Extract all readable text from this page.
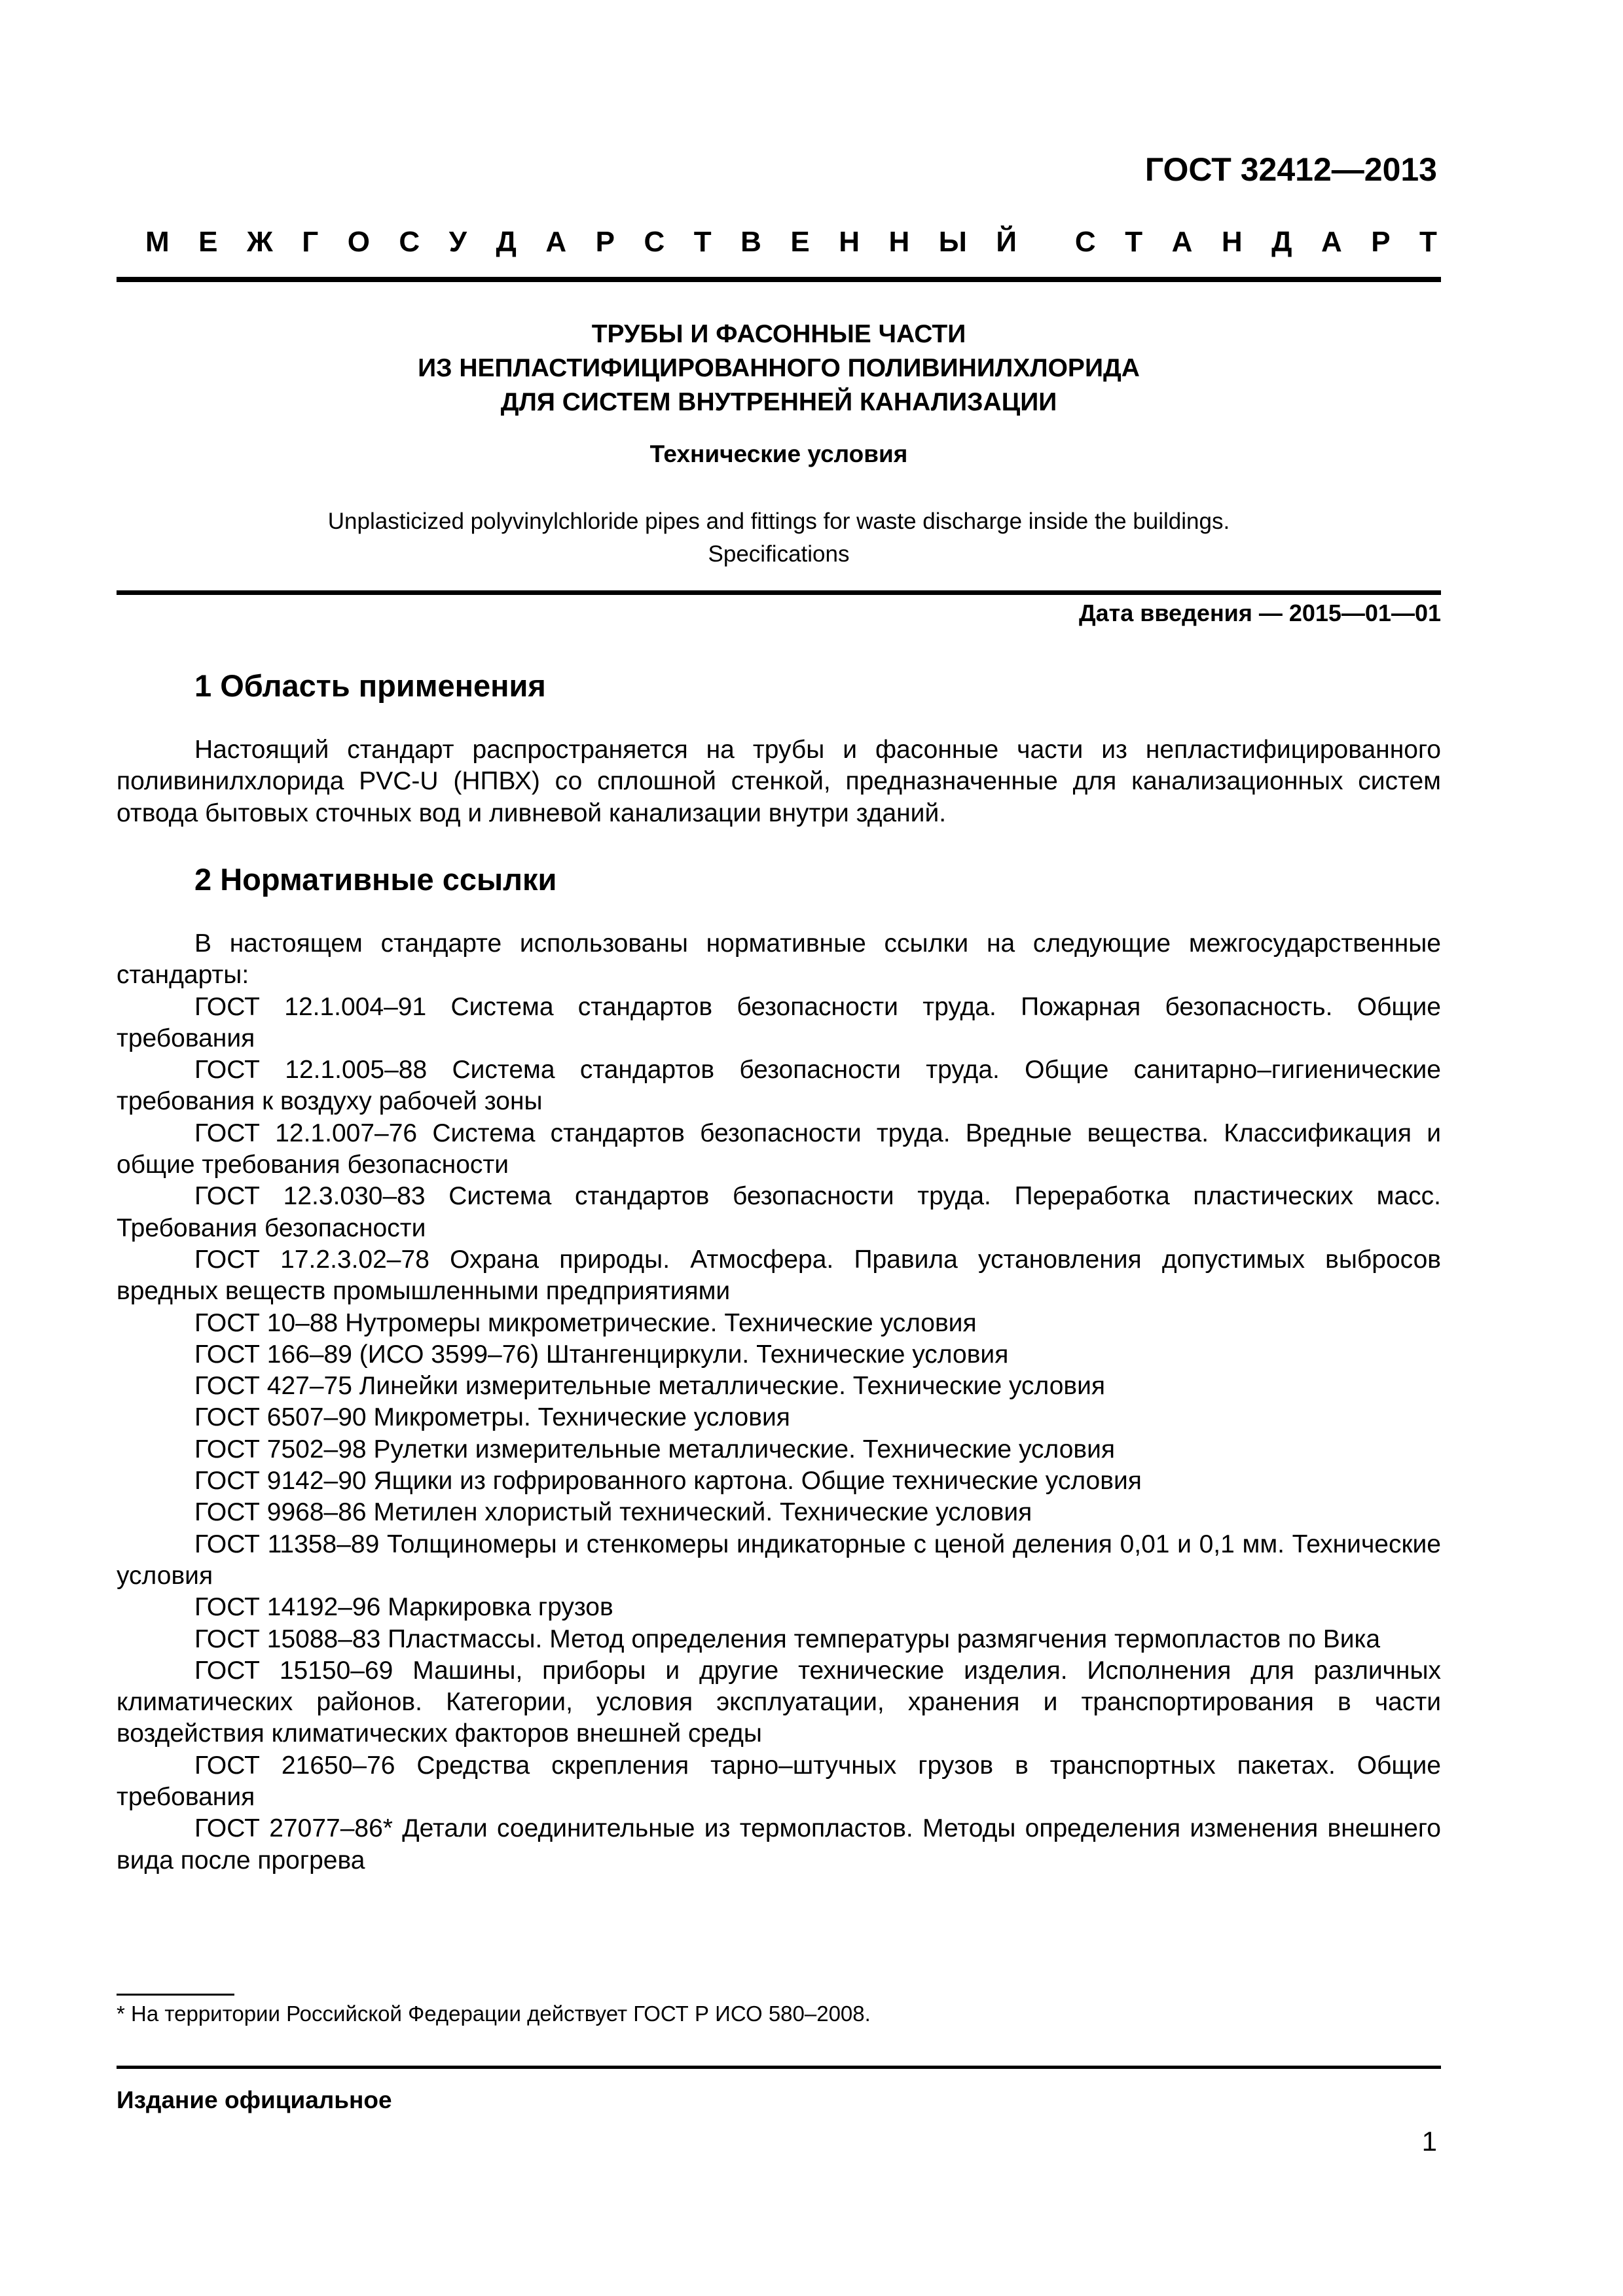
ГОСТ 32412—2013
М Е Ж Г О С У Д А Р С Т В Е Н Н Ы Й С Т А Н Д А Р Т
ТРУБЫ И ФАСОННЫЕ ЧАСТИ
ИЗ НЕПЛАСТИФИЦИРОВАННОГО ПОЛИВИНИЛХЛОРИДА
ДЛЯ СИСТЕМ ВНУТРЕННЕЙ КАНАЛИЗАЦИИ
Технические условия
Unplasticized polyvinylchloride pipes and fittings for waste discharge inside the buildings.
Specifications
Дата введения — 2015—01—01
1 Область применения

Настоящий стандарт распространяется на трубы и фасонные части из непластифицированного поливинилхлорида PVC-U (НПВХ) со сплошной стенкой, предназначенные для канализационных систем отвода бытовых сточных вод и ливневой канализации внутри зданий.

2 Нормативные ссылки

В настоящем стандарте использованы нормативные ссылки на следующие межгосударственные стандарты:

ГОСТ 12.1.004–91 Система стандартов безопасности труда. Пожарная безопасность. Общие требования

ГОСТ 12.1.005–88 Система стандартов безопасности труда. Общие санитарно–гигиенические требования к воздуху рабочей зоны

ГОСТ 12.1.007–76 Система стандартов безопасности труда. Вредные вещества. Классификация и общие требования безопасности

ГОСТ 12.3.030–83 Система стандартов безопасности труда. Переработка пластических масс. Требования безопасности

ГОСТ 17.2.3.02–78 Охрана природы. Атмосфера. Правила установления допустимых выбросов вредных веществ промышленными предприятиями

ГОСТ 10–88 Нутромеры микрометрические. Технические условия

ГОСТ 166–89 (ИСО 3599–76) Штангенциркули. Технические условия

ГОСТ 427–75 Линейки измерительные металлические. Технические условия

ГОСТ 6507–90 Микрометры. Технические условия

ГОСТ 7502–98 Рулетки измерительные металлические. Технические условия

ГОСТ 9142–90 Ящики из гофрированного картона. Общие технические условия

ГОСТ 9968–86 Метилен хлористый технический. Технические условия

ГОСТ 11358–89 Толщиномеры и стенкомеры индикаторные с ценой деления 0,01 и 0,1 мм. Технические условия

ГОСТ 14192–96 Маркировка грузов

ГОСТ 15088–83 Пластмассы. Метод определения температуры размягчения термопластов по Вика

ГОСТ 15150–69 Машины, приборы и другие технические изделия. Исполнения для различных климатических районов. Категории, условия эксплуатации, хранения и транспортирования в части воздействия климатических факторов внешней среды

ГОСТ 21650–76 Средства скрепления тарно–штучных грузов в транспортных пакетах. Общие требования

ГОСТ 27077–86* Детали соединительные из термопластов. Методы определения изменения внешнего вида после прогрева

* На территории Российской Федерации действует ГОСТ Р ИСО 580–2008.
Издание официальное
1
